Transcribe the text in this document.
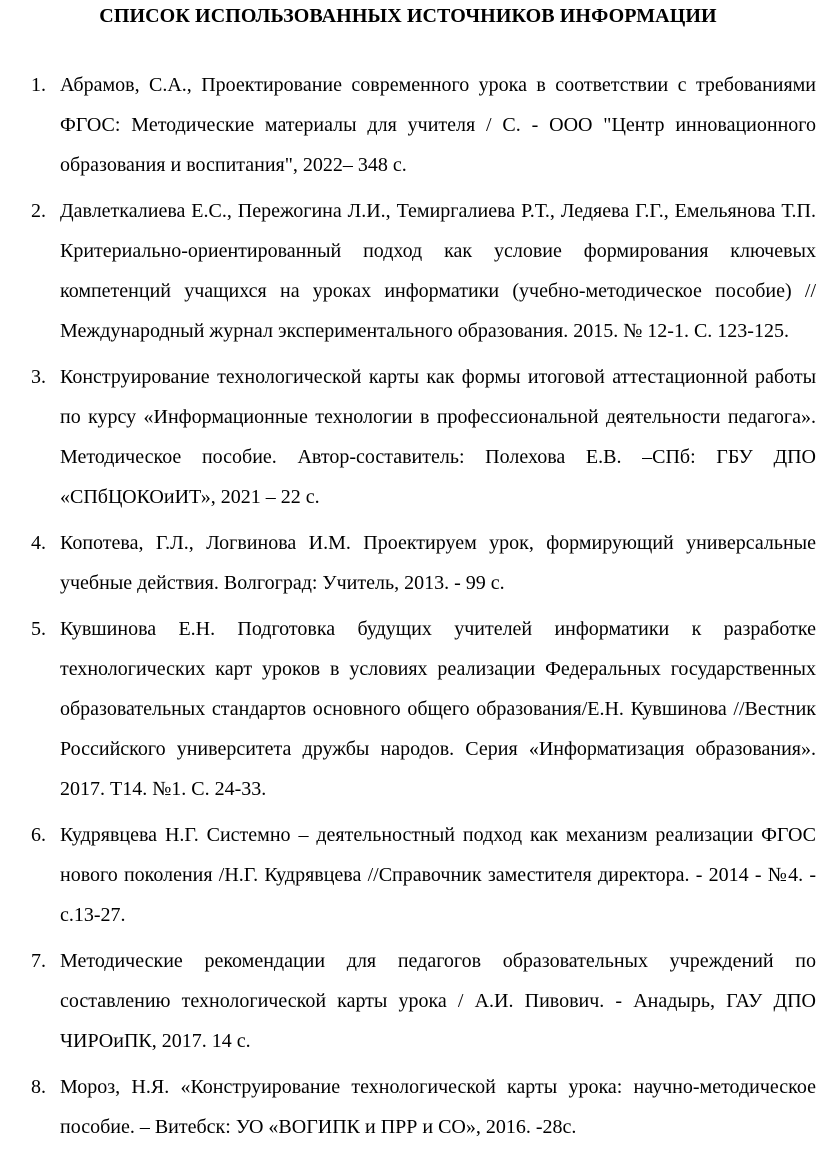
СПИСОК ИСПОЛЬЗОВАННЫХ ИСТОЧНИКОВ ИНФОРМАЦИИ
1. Абрамов, С.А., Проектирование современного урока в соответствии с требованиями ФГОС: Методические материалы для учителя / С. - ООО "Центр инновационного образования и воспитания", 2022– 348 с.
2. Давлеткалиева Е.С., Пережогина Л.И., Темиргалиева Р.Т., Ледяева Г.Г., Емельянова Т.П. Критериально-ориентированный подход как условие формирования ключевых компетенций учащихся на уроках информатики (учебно-методическое пособие) // Международный журнал экспериментального образования. 2015. № 12-1. С. 123-125.
3. Конструирование технологической карты как формы итоговой аттестационной работы по курсу «Информационные технологии в профессиональной деятельности педагога». Методическое пособие. Автор-составитель: Полехова Е.В. –СПб: ГБУ ДПО «СПбЦОКОиИТ», 2021 – 22 с.
4. Копотева, Г.Л., Логвинова И.М. Проектируем урок, формирующий универсальные учебные действия. Волгоград: Учитель, 2013. - 99 с.
5. Кувшинова Е.Н. Подготовка будущих учителей информатики к разработке технологических карт уроков в условиях реализации Федеральных государственных образовательных стандартов основного общего образования/Е.Н. Кувшинова //Вестник Российского университета дружбы народов. Серия «Информатизация образования». 2017. Т14. №1. С. 24-33.
6. Кудрявцева Н.Г. Системно – деятельностный подход как механизм реализации ФГОС нового поколения /Н.Г. Кудрявцева //Справочник заместителя директора. - 2014 - №4. - с.13-27.
7. Методические рекомендации для педагогов образовательных учреждений по составлению технологической карты урока / А.И. Пивович. - Анадырь, ГАУ ДПО ЧИРОиПК, 2017. 14 с.
8. Мороз, Н.Я. «Конструирование технологической карты урока: научно-методическое пособие. – Витебск: УО «ВОГИПК и ПРР и СО», 2016. -28с.
